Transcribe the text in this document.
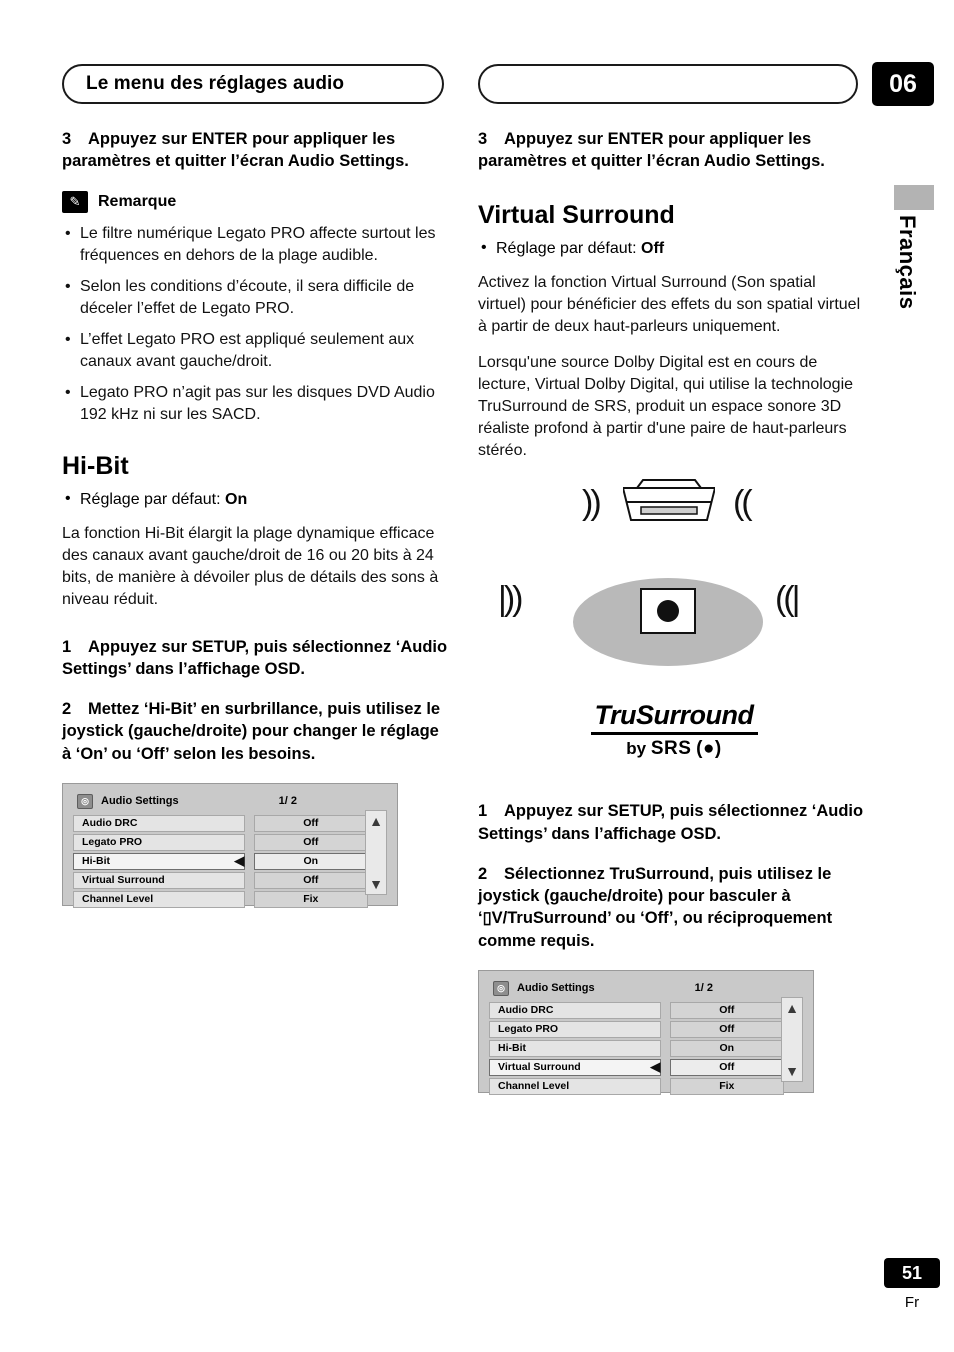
Le menu des réglages audio	06
Français

3 Appuyez sur ENTER pour appliquer les paramètres et quitter l’écran Audio Settings.

✎	Remarque
• Le filtre numérique Legato PRO affecte surtout les fréquences en dehors de la plage audible.
• Selon les conditions d’écoute, il sera difficile de déceler l’effet de Legato PRO.
• L’effet Legato PRO est appliqué seulement aux canaux avant gauche/droit.
• Legato PRO n’agit pas sur les disques DVD Audio 192 kHz ni sur les SACD.
Hi-Bit
• Réglage par défaut: On

La fonction Hi-Bit élargit la plage dynamique efficace des canaux avant gauche/droit de 16 ou 20 bits à 24 bits, de manière à dévoiler plus de détails des sons à niveau réduit.

1 Appuyez sur SETUP, puis sélectionnez ‘Audio Settings’ dans l’affichage OSD.

2 Mettez ‘Hi-Bit’ en surbrillance, puis utilisez le joystick (gauche/droite) pour changer le réglage à ‘On’ ou ‘Off’ selon les besoins.

◎	Audio Settings	1/ 2
Audio DRC	Off
Legato PRO	Off
Hi-Bit	◀	On
Virtual Surround	Off
Channel Level	Fix
▲
▼

3 Appuyez sur ENTER pour appliquer les paramètres et quitter l’écran Audio Settings.

Virtual Surround
• Réglage par défaut: Off

Activez la fonction Virtual Surround (Son spatial virtuel) pour bénéficier des effets du son spatial virtuel à partir de deux haut-parleurs uniquement.

Lorsqu'une source Dolby Digital est en cours de lecture, Virtual Dolby Digital, qui utilise la technologie TruSurround de SRS, produit un espace sonore 3D réaliste profond à partir d'une paire de haut-parleurs stéréo.

))	))
|))	|))
TruSurround
by SRS (●)

1 Appuyez sur SETUP, puis sélectionnez ‘Audio Settings’ dans l’affichage OSD.

2 Sélectionnez TruSurround, puis utilisez le joystick (gauche/droite) pour basculer à ‘▯V/TruSurround’ ou ‘Off’, ou réciproquement comme requis.

◎	Audio Settings	1/ 2
Audio DRC	Off
Legato PRO	Off
Hi-Bit	On
Virtual Surround	◀	Off
Channel Level	Fix
▲
▼
51
Fr
